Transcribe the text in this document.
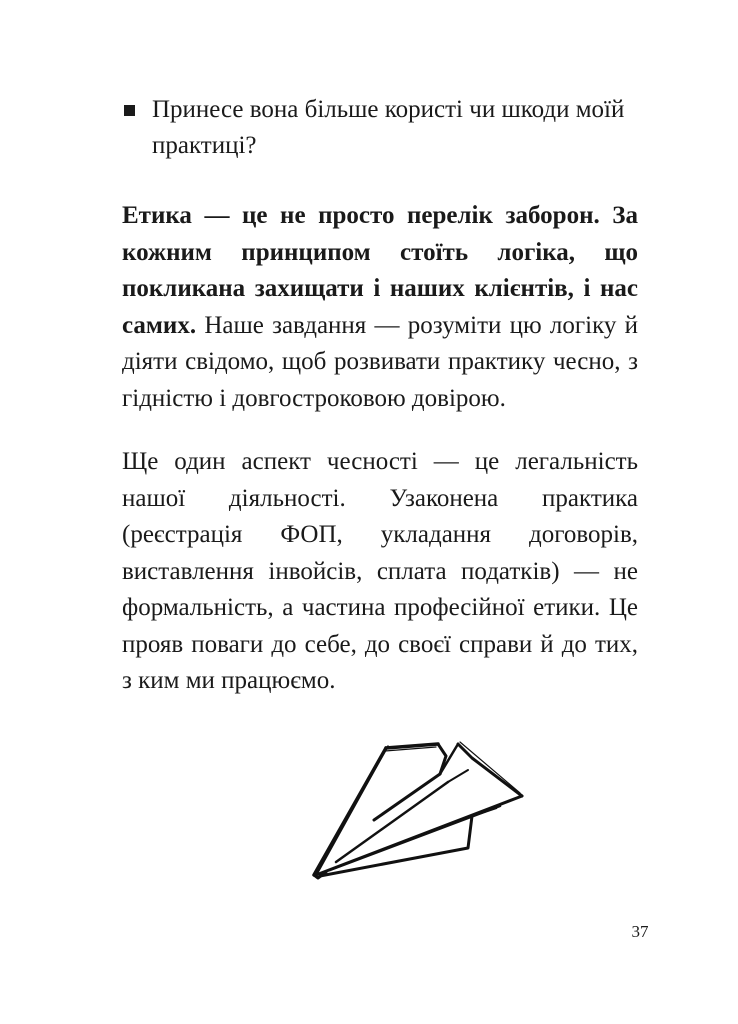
Принесе вона більше користі чи шкоди моїй практиці?

Етика — це не просто перелік заборон. За кожним принципом стоїть логіка, що покликана захищати і наших клієнтів, і нас самих. Наше завдання — розуміти цю логіку й діяти свідомо, щоб розвивати практику чесно, з гідністю і довгостроковою довірою.

Ще один аспект чесності — це легальність нашої діяльності. Узаконена практика (реєстрація ФОП, укладання договорів, виставлення інвойсів, сплата податків) — не формальність, а частина професійної етики. Це прояв поваги до себе, до своєї справи й до тих, з ким ми працюємо.

37
